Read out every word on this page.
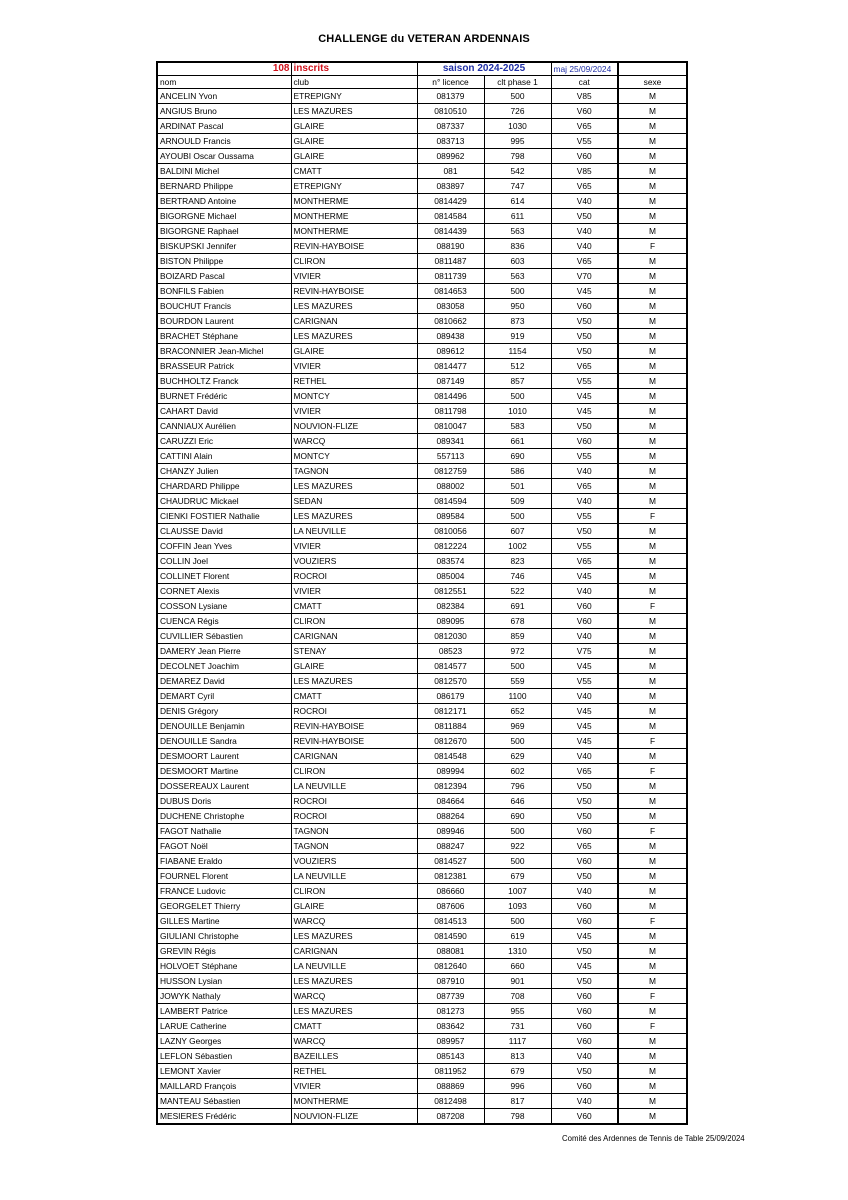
CHALLENGE du VETERAN ARDENNAIS
108	inscrits	saison 2024-2025		maj 25/09/2024	
nom	club	n° licence	clt phase 1	cat	sexe
ANCELIN Yvon	ETREPIGNY	081379	500	V85	M
ANGIUS Bruno	LES MAZURES	0810510	726	V60	M
ARDINAT Pascal	GLAIRE	087337	1030	V65	M
ARNOULD Francis	GLAIRE	083713	995	V55	M
AYOUBI Oscar Oussama	GLAIRE	089962	798	V60	M
BALDINI Michel	CMATT	081	542	V85	M
BERNARD Philippe	ETREPIGNY	083897	747	V65	M
BERTRAND Antoine	MONTHERME	0814429	614	V40	M
BIGORGNE Michael	MONTHERME	0814584	611	V50	M
BIGORGNE Raphael	MONTHERME	0814439	563	V40	M
BISKUPSKI Jennifer	REVIN-HAYBOISE	088190	836	V40	F
BISTON Philippe	CLIRON	0811487	603	V65	M
BOIZARD Pascal	VIVIER	0811739	563	V70	M
BONFILS Fabien	REVIN-HAYBOISE	0814653	500	V45	M
BOUCHUT Francis	LES MAZURES	083058	950	V60	M
BOURDON Laurent	CARIGNAN	0810662	873	V50	M
BRACHET Stéphane	LES MAZURES	089438	919	V50	M
BRACONNIER Jean-Michel	GLAIRE	089612	1154	V50	M
BRASSEUR Patrick	VIVIER	0814477	512	V65	M
BUCHHOLTZ Franck	RETHEL	087149	857	V55	M
BURNET Frédéric	MONTCY	0814496	500	V45	M
CAHART David	VIVIER	0811798	1010	V45	M
CANNIAUX Aurélien	NOUVION-FLIZE	0810047	583	V50	M
CARUZZI Eric	WARCQ	089341	661	V60	M
CATTINI Alain	MONTCY	557113	690	V55	M
CHANZY Julien	TAGNON	0812759	586	V40	M
CHARDARD Philippe	LES MAZURES	088002	501	V65	M
CHAUDRUC Mickael	SEDAN	0814594	509	V40	M
CIENKI FOSTIER Nathalie	LES MAZURES	089584	500	V55	F
CLAUSSE David	LA NEUVILLE	0810056	607	V50	M
COFFIN Jean Yves	VIVIER	0812224	1002	V55	M
COLLIN Joel	VOUZIERS	083574	823	V65	M
COLLINET Florent	ROCROI	085004	746	V45	M
CORNET Alexis	VIVIER	0812551	522	V40	M
COSSON Lysiane	CMATT	082384	691	V60	F
CUENCA Régis	CLIRON	089095	678	V60	M
CUVILLIER Sébastien	CARIGNAN	0812030	859	V40	M
DAMERY Jean Pierre	STENAY	08523	972	V75	M
DECOLNET Joachim	GLAIRE	0814577	500	V45	M
DEMAREZ David	LES MAZURES	0812570	559	V55	M
DEMART Cyril	CMATT	086179	1100	V40	M
DENIS Grégory	ROCROI	0812171	652	V45	M
DENOUILLE Benjamin	REVIN-HAYBOISE	0811884	969	V45	M
DENOUILLE Sandra	REVIN-HAYBOISE	0812670	500	V45	F
DESMOORT Laurent	CARIGNAN	0814548	629	V40	M
DESMOORT Martine	CLIRON	089994	602	V65	F
DOSSEREAUX Laurent	LA NEUVILLE	0812394	796	V50	M
DUBUS Doris	ROCROI	084664	646	V50	M
DUCHENE Christophe	ROCROI	088264	690	V50	M
FAGOT Nathalie	TAGNON	089946	500	V60	F
FAGOT Noël	TAGNON	088247	922	V65	M
FIABANE Eraldo	VOUZIERS	0814527	500	V60	M
FOURNEL Florent	LA NEUVILLE	0812381	679	V50	M
FRANCE Ludovic	CLIRON	086660	1007	V40	M
GEORGELET Thierry	GLAIRE	087606	1093	V60	M
GILLES Martine	WARCQ	0814513	500	V60	F
GIULIANI Christophe	LES MAZURES	0814590	619	V45	M
GREVIN Régis	CARIGNAN	088081	1310	V50	M
HOLVOET Stéphane	LA NEUVILLE	0812640	660	V45	M
HUSSON Lysian	LES MAZURES	087910	901	V50	M
JOWYK Nathaly	WARCQ	087739	708	V60	F
LAMBERT Patrice	LES MAZURES	081273	955	V60	M
LARUE Catherine	CMATT	083642	731	V60	F
LAZNY Georges	WARCQ	089957	1117	V60	M
LEFLON Sébastien	BAZEILLES	085143	813	V40	M
LEMONT Xavier	RETHEL	0811952	679	V50	M
MAILLARD François	VIVIER	088869	996	V60	M
MANTEAU Sébastien	MONTHERME	0812498	817	V40	M
MESIERES Frédéric	NOUVION-FLIZE	087208	798	V60	M
Comité des Ardennes de Tennis de Table 25/09/2024
